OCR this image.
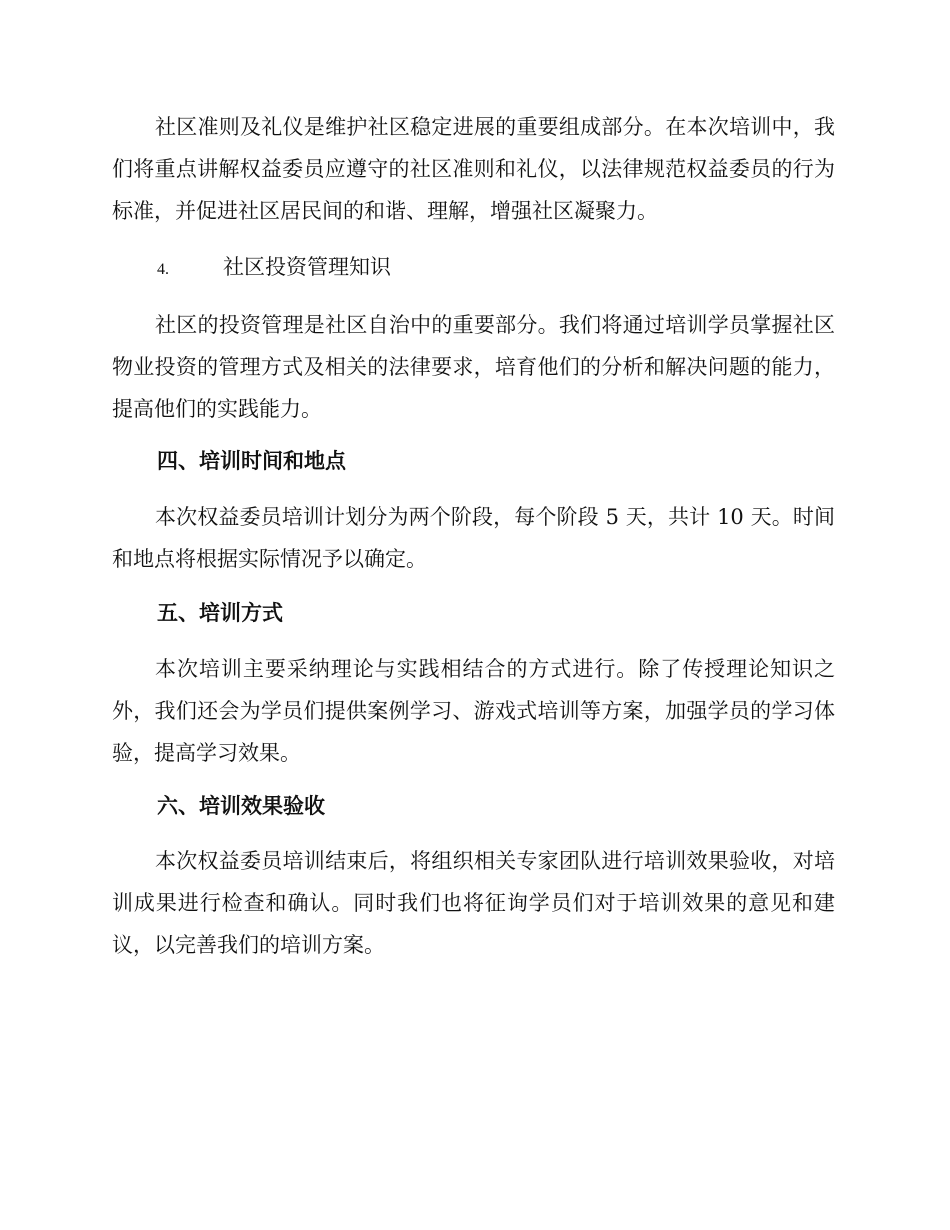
社区准则及礼仪是维护社区稳定进展的重要组成部分。在本次培训中，我们将重点讲解权益委员应遵守的社区准则和礼仪，以法律规范权益委员的行为标准，并促进社区居民间的和谐、理解，增强社区凝聚力。

4.	社区投资管理知识

社区的投资管理是社区自治中的重要部分。我们将通过培训学员掌握社区物业投资的管理方式及相关的法律要求，培育他们的分析和解决问题的能力，提高他们的实践能力。

四、培训时间和地点

本次权益委员培训计划分为两个阶段，每个阶段 5 天，共计 10 天。时间和地点将根据实际情况予以确定。

五、培训方式

本次培训主要采纳理论与实践相结合的方式进行。除了传授理论知识之外，我们还会为学员们提供案例学习、游戏式培训等方案，加强学员的学习体验，提高学习效果。

六、培训效果验收

本次权益委员培训结束后，将组织相关专家团队进行培训效果验收，对培训成果进行检查和确认。同时我们也将征询学员们对于培训效果的意见和建议，以完善我们的培训方案。
